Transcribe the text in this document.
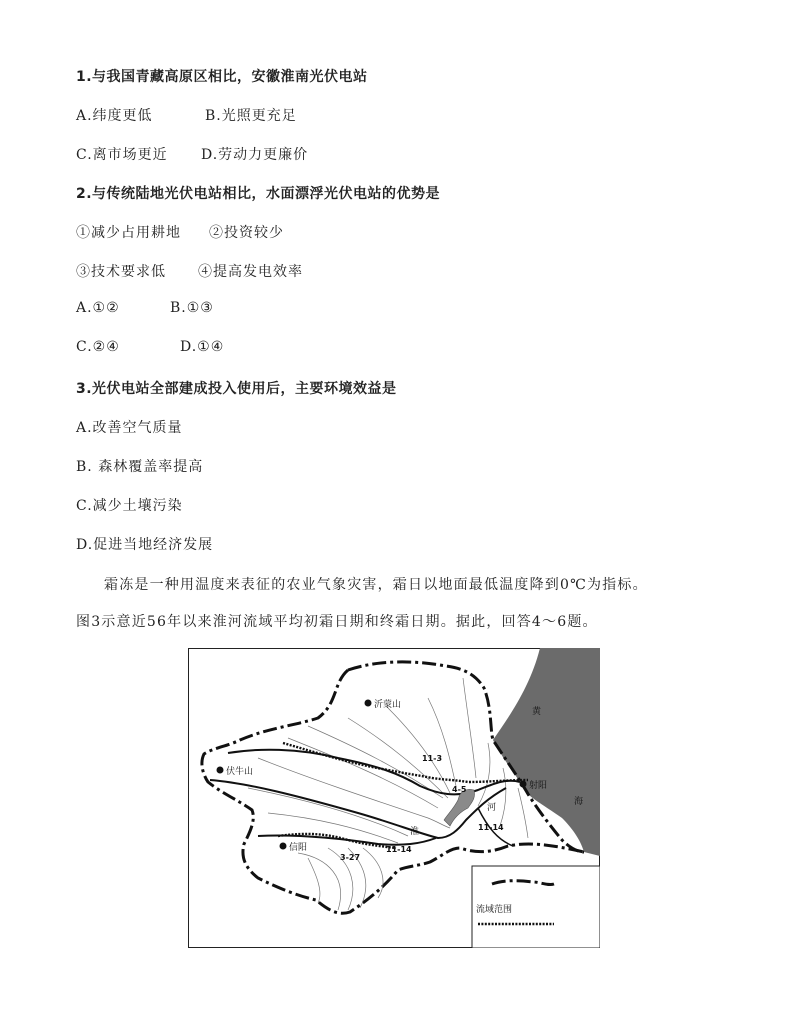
1.与我国青藏高原区相比，安徽淮南光伏电站
A.纬度更低	B.光照更充足
C.离市场更近 D.劳动力更廉价
2.与传统陆地光伏电站相比，水面漂浮光伏电站的优势是
①减少占用耕地 ②投资较少
③技术要求低 ④提高发电效率
A.①②	B.①③
C.②④	D.①④
3.光伏电站全部建成投入使用后，主要环境效益是
A.改善空气质量
B. 森林覆盖率提高
C.减少土壤污染
D.促进当地经济发展
霜冻是一种用温度来表征的农业气象灾害，霜日以地面最低温度降到0℃为指标。
图3示意近56年以来淮河流域平均初霜日期和终霜日期。据此，回答4～6题。
沂蒙山
伏牛山
信阳
射阳
黄
海
淮
河
11-3
4-5
11-14
11-14
3-27
流域范围
